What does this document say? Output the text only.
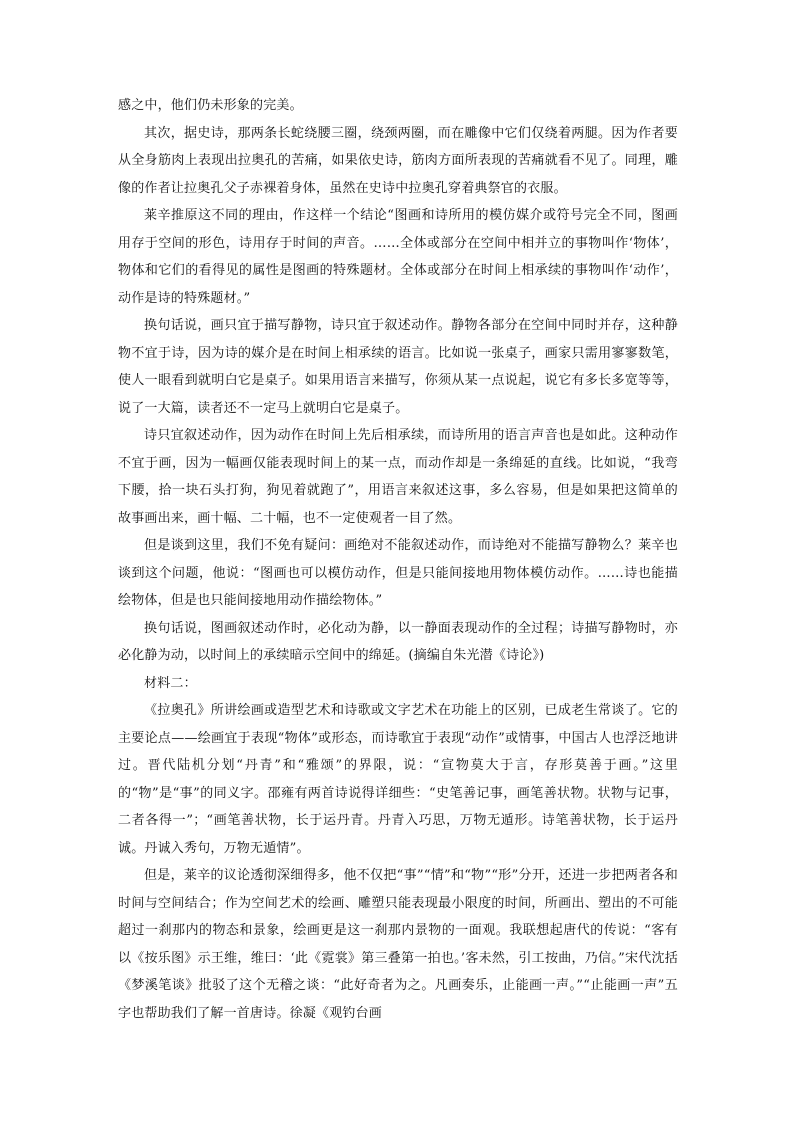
感之中，他们仍未形象的完美。

其次，据史诗，那两条长蛇绕腰三圈，绕颈两圈，而在雕像中它们仅绕着两腿。因为作者要从全身筋肉上表现出拉奥孔的苦痛，如果依史诗，筋肉方面所表现的苦痛就看不见了。同理，雕像的作者让拉奥孔父子赤裸着身体，虽然在史诗中拉奥孔穿着典祭官的衣服。

莱辛推原这不同的理由，作这样一个结论“图画和诗所用的模仿媒介或符号完全不同，图画用存于空间的形色，诗用存于时间的声音。……全体或部分在空间中相并立的事物叫作‘物体’，物体和它们的看得见的属性是图画的特殊题材。全体或部分在时间上相承续的事物叫作‘动作’，动作是诗的特殊题材。”

换句话说，画只宜于描写静物，诗只宜于叙述动作。静物各部分在空间中同时并存，这种静物不宜于诗，因为诗的媒介是在时间上相承续的语言。比如说一张桌子，画家只需用寥寥数笔，使人一眼看到就明白它是桌子。如果用语言来描写，你须从某一点说起，说它有多长多宽等等，说了一大篇，读者还不一定马上就明白它是桌子。

诗只宜叙述动作，因为动作在时间上先后相承续，而诗所用的语言声音也是如此。这种动作不宜于画，因为一幅画仅能表现时间上的某一点，而动作却是一条绵延的直线。比如说，“我弯下腰，拾一块石头打狗，狗见着就跑了”，用语言来叙述这事，多么容易，但是如果把这简单的故事画出来，画十幅、二十幅，也不一定使观者一目了然。

但是谈到这里，我们不免有疑问：画绝对不能叙述动作，而诗绝对不能描写静物么？莱辛也谈到这个问题，他说：“图画也可以模仿动作，但是只能间接地用物体模仿动作。……诗也能描绘物体，但是也只能间接地用动作描绘物体。”

换句话说，图画叙述动作时，必化动为静，以一静面表现动作的全过程；诗描写静物时，亦必化静为动，以时间上的承续暗示空间中的绵延。(摘编自朱光潜《诗论》)

材料二：

《拉奥孔》所讲绘画或造型艺术和诗歌或文字艺术在功能上的区别，已成老生常谈了。它的主要论点——绘画宜于表现“物体”或形态，而诗歌宜于表现“动作”或情事，中国古人也浮泛地讲过。晋代陆机分划“丹青”和“雅颂”的界限，说：“宣物莫大于言，存形莫善于画。”这里的“物”是“事”的同义字。邵雍有两首诗说得详细些：“史笔善记事，画笔善状物。状物与记事，二者各得一”；“画笔善状物，长于运丹青。丹青入巧思，万物无遁形。诗笔善状物，长于运丹诚。丹诚入秀句，万物无遁情”。

但是，莱辛的议论透彻深细得多，他不仅把“事”“情”和“物”“形”分开，还进一步把两者各和时间与空间结合；作为空间艺术的绘画、雕塑只能表现最小限度的时间，所画出、塑出的不可能超过一刹那内的物态和景象，绘画更是这一刹那内景物的一面观。我联想起唐代的传说：“客有以《按乐图》示王维，维曰：‘此《霓裳》第三叠第一拍也。’客未然，引工按曲，乃信。”宋代沈括《梦溪笔谈》批驳了这个无稽之谈：“此好奇者为之。凡画奏乐，止能画一声。”“止能画一声”五字也帮助我们了解一首唐诗。徐凝《观钓台画
